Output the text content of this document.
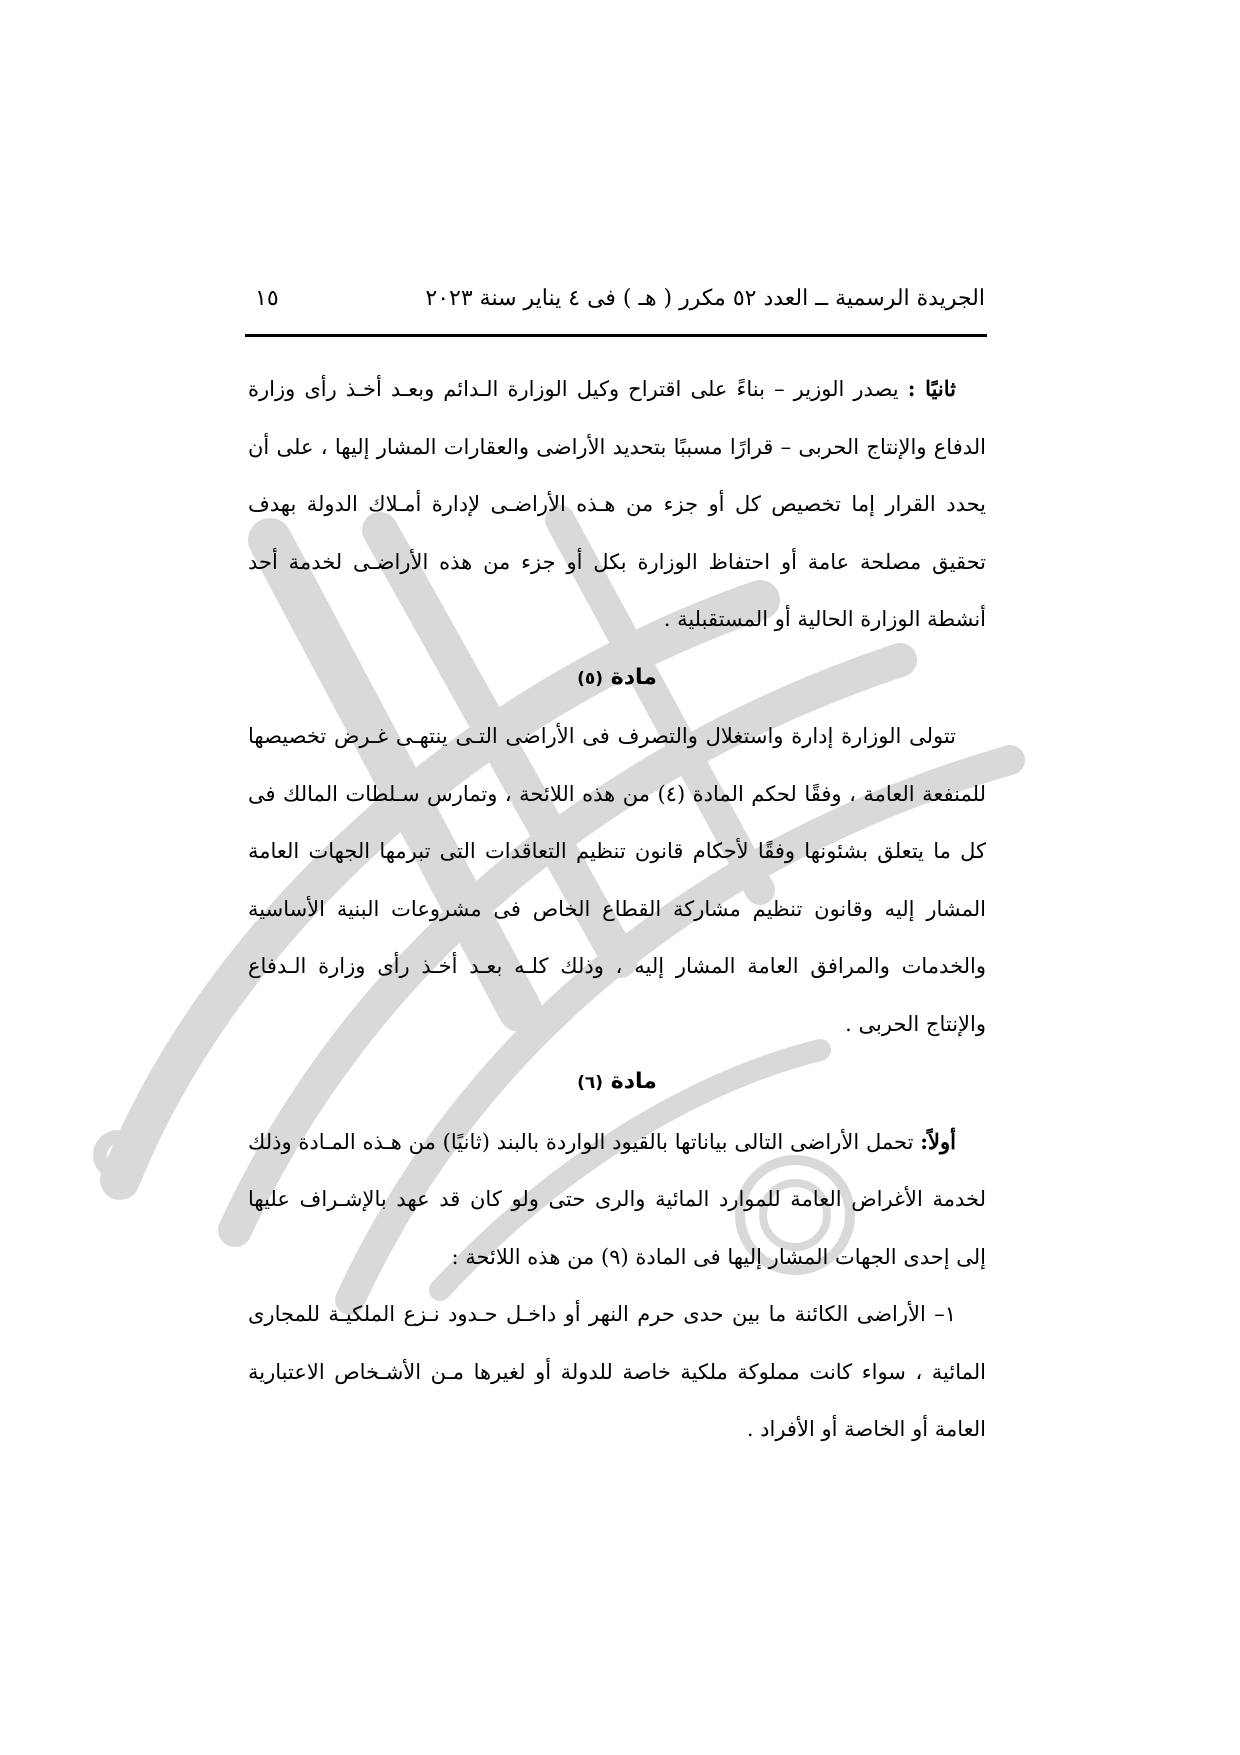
الجريدة الرسمية ــ العدد ٥٢ مكرر ( هـ ) فى ٤ يناير سنة ٢٠٢٣
١٥

ثانيًا : يصدر الوزير – بناءً على اقتراح وكيل الوزارة الـدائم وبعـد أخـذ رأى وزارة الدفاع والإنتاج الحربى – قرارًا مسببًا بتحديد الأراضى والعقارات المشار إليها ، على أن يحدد القرار إما تخصيص كل أو جزء من هـذه الأراضـى لإدارة أمـلاك الدولة بهدف تحقيق مصلحة عامة أو احتفاظ الوزارة بكل أو جزء من هذه الأراضـى لخدمة أحد أنشطة الوزارة الحالية أو المستقبلية .

مادة (٥)

تتولى الوزارة إدارة واستغلال والتصرف فى الأراضى التـى ينتهـى غـرض تخصيصها للمنفعة العامة ، وفقًا لحكم المادة (٤) من هذه اللائحة ، وتمارس سـلطات المالك فى كل ما يتعلق بشئونها وفقًا لأحكام قانون تنظيم التعاقدات التى تبرمها الجهات العامة المشار إليه وقانون تنظيم مشاركة القطاع الخاص فى مشروعات البنية الأساسية والخدمات والمرافق العامة المشار إليه ، وذلك كلـه بعـد أخـذ رأى وزارة الـدفاع والإنتاج الحربى .

مادة (٦)

أولاً: تحمل الأراضى التالى بياناتها بالقيود الواردة بالبند (ثانيًا) من هـذه المـادة وذلك لخدمة الأغراض العامة للموارد المائية والرى حتى ولو كان قد عهد بالإشـراف عليها إلى إحدى الجهات المشار إليها فى المادة (٩) من هذه اللائحة :

١– الأراضى الكائنة ما بين حدى حرم النهر أو داخـل حـدود نـزع الملكيـة للمجارى المائية ، سواء كانت مملوكة ملكية خاصة للدولة أو لغيرها مـن الأشـخاص الاعتبارية العامة أو الخاصة أو الأفراد .
